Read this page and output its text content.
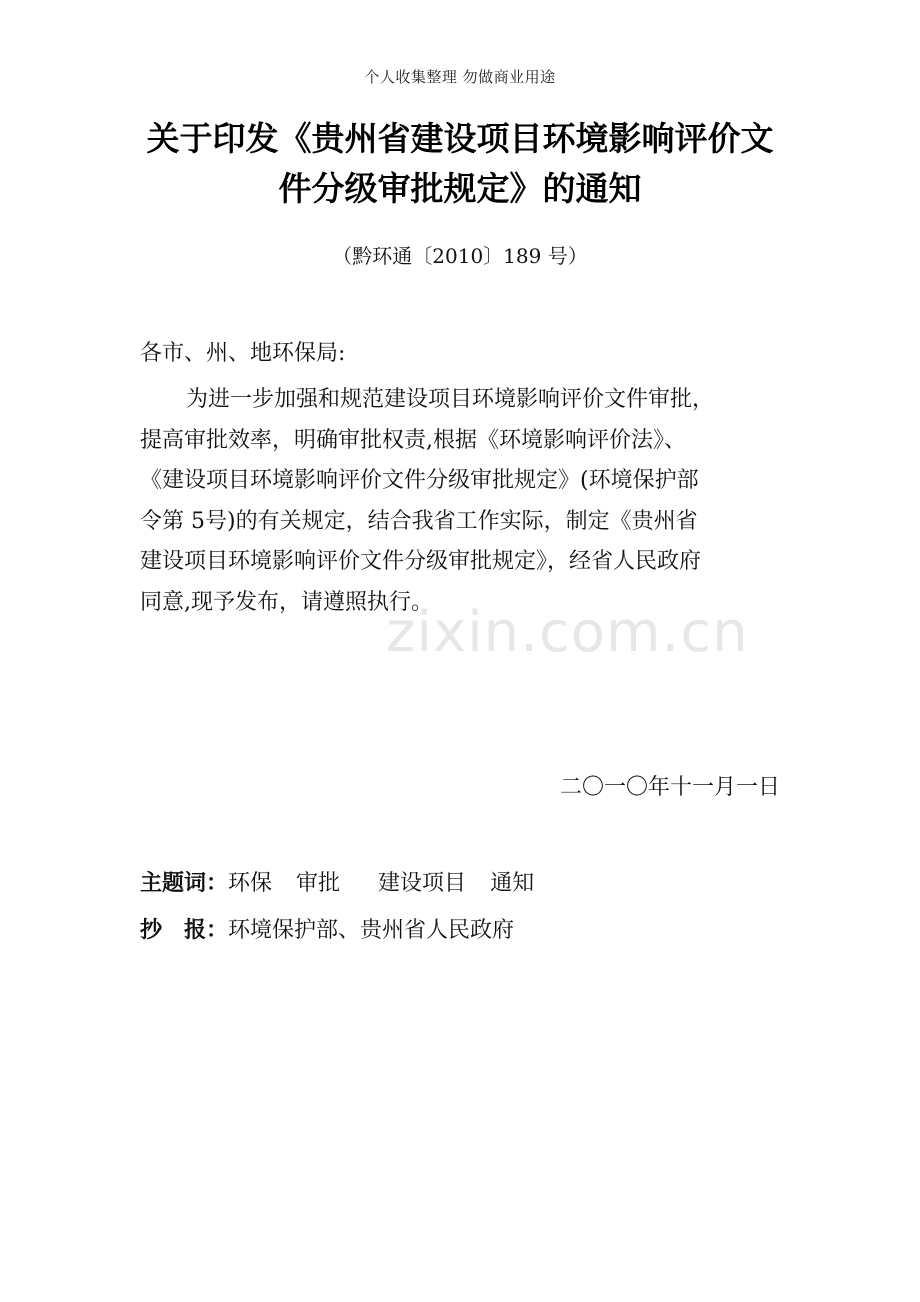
个人收集整理 勿做商业用途
关于印发《贵州省建设项目环境影响评价文
件分级审批规定》的通知
（黔环通〔2010〕189 号）
各市、州、地环保局:
为进一步加强和规范建设项目环境影响评价文件审批，
提高审批效率，明确审批权责,根据《环境影响评价法》、
《建设项目环境影响评价文件分级审批规定》(环境保护部
令第 5号)的有关规定，结合我省工作实际，制定《贵州省
建设项目环境影响评价文件分级审批规定》，经省人民政府
同意,现予发布，请遵照执行。
zixin.com.cn
二〇一〇年十一月一日
主题词：环保 审批 建设项目 通知
抄　报：环境保护部、贵州省人民政府
